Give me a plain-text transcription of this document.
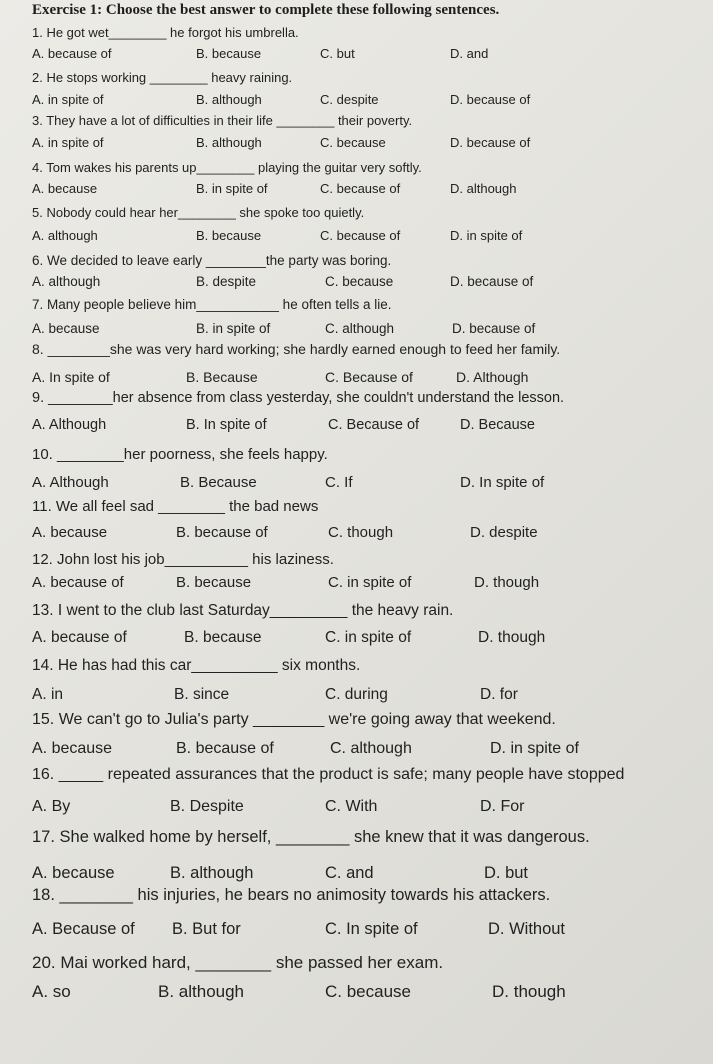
Exercise 1: Choose the best answer to complete these following sentences.
1. He got wet________ he forgot his umbrella.
A. because of	B. because	C. but	D. and
2. He stops working ________ heavy raining.
A. in spite of	B. although	C. despite	D. because of
3. They have a lot of difficulties in their life ________ their poverty.
A. in spite of	B. although	C. because	D. because of
4. Tom wakes his parents up________ playing the guitar very softly.
A. because	B. in spite of	C. because of	D. although
5. Nobody could hear her________ she spoke too quietly.
A. although	B. because	C. because of	D. in spite of
6. We decided to leave early ________the party was boring.
A. although	B. despite	C. because	D. because of
7. Many people believe him___________ he often tells a lie.
A. because	B. in spite of	C. although	D. because of
8. ________she was very hard working; she hardly earned enough to feed her family.
A. In spite of	B. Because	C. Because of	D. Although
9. ________her absence from class yesterday, she couldn't understand the lesson.
A. Although	B. In spite of	C. Because of	D. Because
10. ________her poorness, she feels happy.
A. Although	B. Because	C. If	D. In spite of
11. We all feel sad ________ the bad news
A. because	B. because of	C. though	D. despite
12. John lost his job__________ his laziness.
A. because of	B. because	C. in spite of	D. though
13. I went to the club last Saturday_________ the heavy rain.
A. because of	B. because	C. in spite of	D. though
14. He has had this car__________ six months.
A. in	B. since	C. during	D. for
15. We can't go to Julia's party ________ we're going away that weekend.
A. because	B. because of	C. although	D. in spite of
16. _____ repeated assurances that the product is safe; many people have stopped
A. By	B. Despite	C. With	D. For
17. She walked home by herself, ________ she knew that it was dangerous.
A. because	B. although	C. and	D. but
18. ________ his injuries, he bears no animosity towards his attackers.
A. Because of B. But for	C. In spite of	D. Without
20. Mai worked hard, ________ she passed her exam.
A. so	B. although	C. because	D. though
